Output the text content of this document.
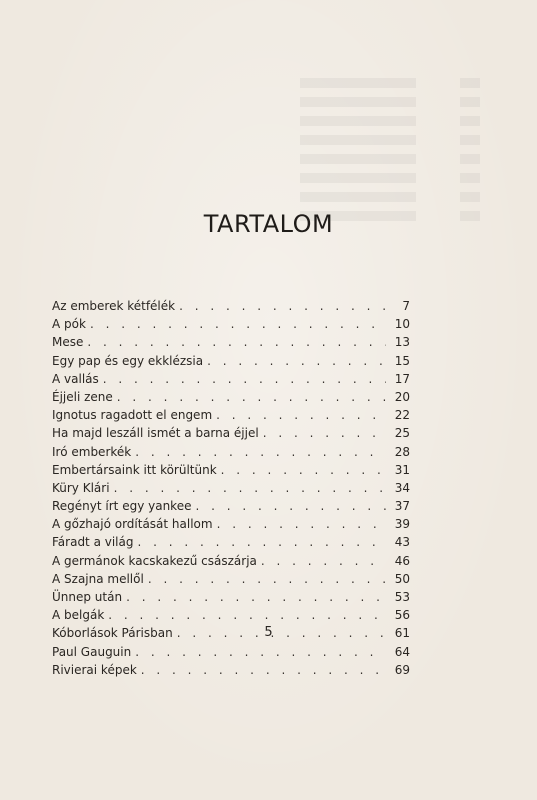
TARTALOM
Az emberek kétfélék . . .	7
A pók . . .	10
Mese . . .	13
Egy pap és egy ekklézsia . . .	15
A vallás . . .	17
Éjjeli zene . . .	20
Ignotus ragadott el engem . . .	22
Ha majd leszáll ismét a barna éjjel . . .	25
Iró emberkék . . .	28
Embertársaink itt körültünk . . .	31
Küry Klári . . .	34
Regényt írt egy yankee . . .	37
A gőzhajó ordítását hallom . . .	39
Fáradt a világ . . .	43
A germánok kacskakezű császárja . . .	46
A Szajna mellől . . .	50
Ünnep után . . .	53
A belgák . . .	56
Kóborlások Párisban . . .	61
Paul Gauguin . . .	64
Rivierai képek . . .	69
5
